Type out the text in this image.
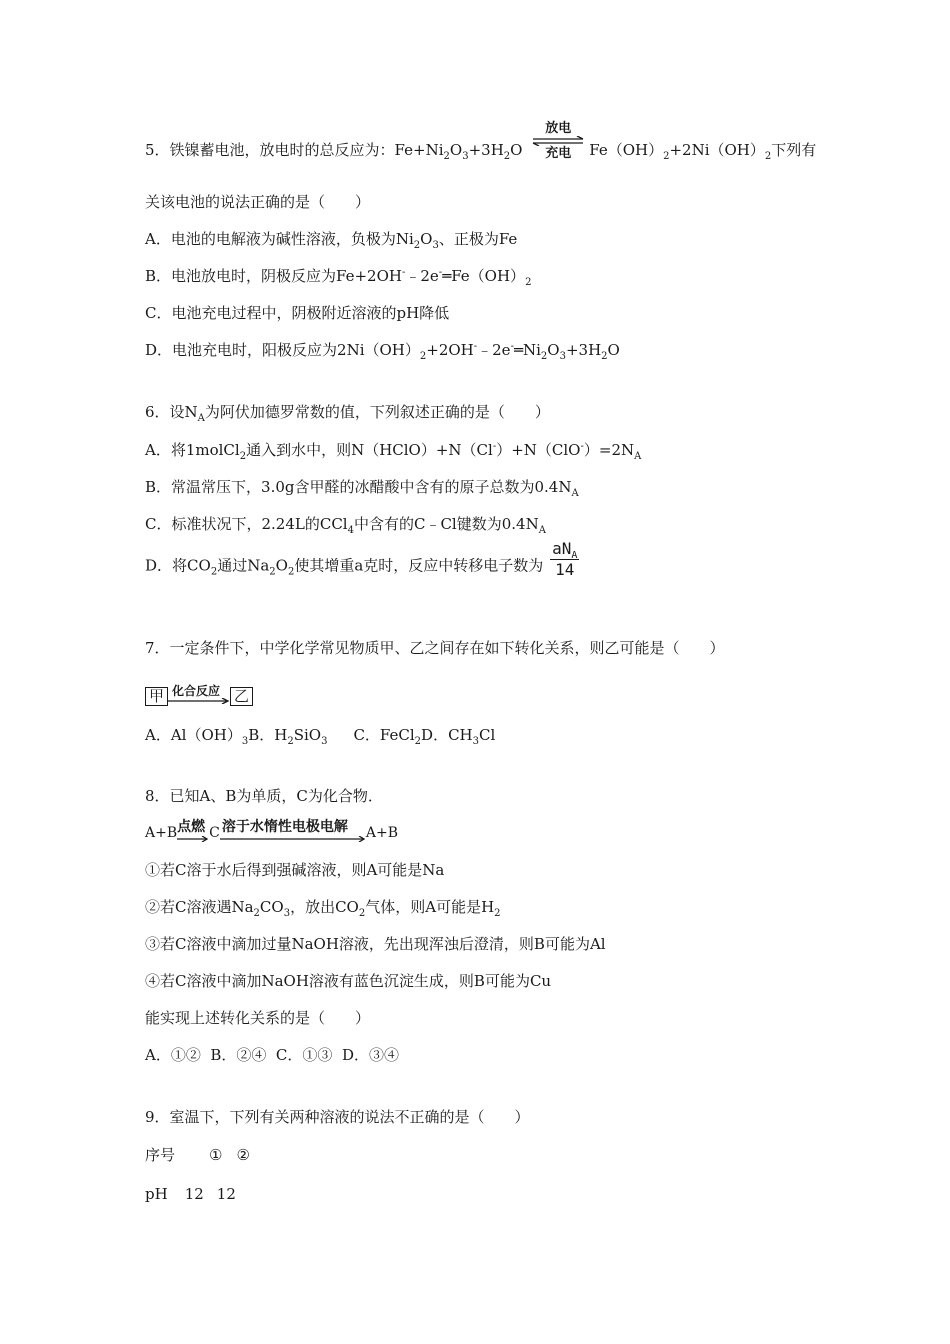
5．铁镍蓄电池，放电时的总反应为：$Fe+Ni_2O_3+3H_2O$
放电
充电	$Fe(OH)_2+2Ni(OH)_2$下列有
关该电池的说法正确的是（　　）
A．电池的电解液为碱性溶液，负极为$Ni_2O_3$、正极为Fe
B．电池放电时，阴极反应为$Fe+2OH^-﹣2e^-═Fe(OH)_2$
C．电池充电过程中，阴极附近溶液的pH降低
D．电池充电时，阳极反应为$2Ni(OH)_2+2OH^-﹣2e^-═Ni_2O_3+3H_2O$
6．设$N_A$为阿伏加德罗常数的值，下列叙述正确的是（　　）
A．将1molCl$_2$通入到水中，则$N(HClO)+N(Cl^-)+N(ClO^-)=2N_A$
B．常温常压下，3.0g含甲醛的冰醋酸中含有的原子总数为$0.4N_A$
C．标准状况下，2.24L的CCl$_4$中含有的C﹣Cl键数为$0.4N_A$
D．将$CO_2$通过$Na_2O_2$使其增重a克时，反应中转移电子数为 $\frac{aN_A}{14}$
7．一定条件下，中学化学常见物质甲、乙之间存在如下转化关系，则乙可能是（　　）
甲 化合反应 乙
A．$Al(OH)_3B$．$H_2SiO_3$ C．FeCl$_2$D．$CH_3Cl$
8．已知A、B为单质，C为化合物．
A+B 点燃 C 溶于水惰性电极电解 A+B
①若C溶于水后得到强碱溶液，则A可能是Na
②若C溶液遇$Na_2CO_3$，放出$CO_2$气体，则A可能是$H_2$
③若C溶液中滴加过量NaOH溶液，先出现浑浊后澄清，则B可能为Al
④若C溶液中滴加NaOH溶液有蓝色沉淀生成，则B可能为Cu
能实现上述转化关系的是（　　）
A．①②  B．②④  C．①③  D．③④
9．室温下，下列有关两种溶液的说法不正确的是（　　）
序号 ① ②
pH 12 12
